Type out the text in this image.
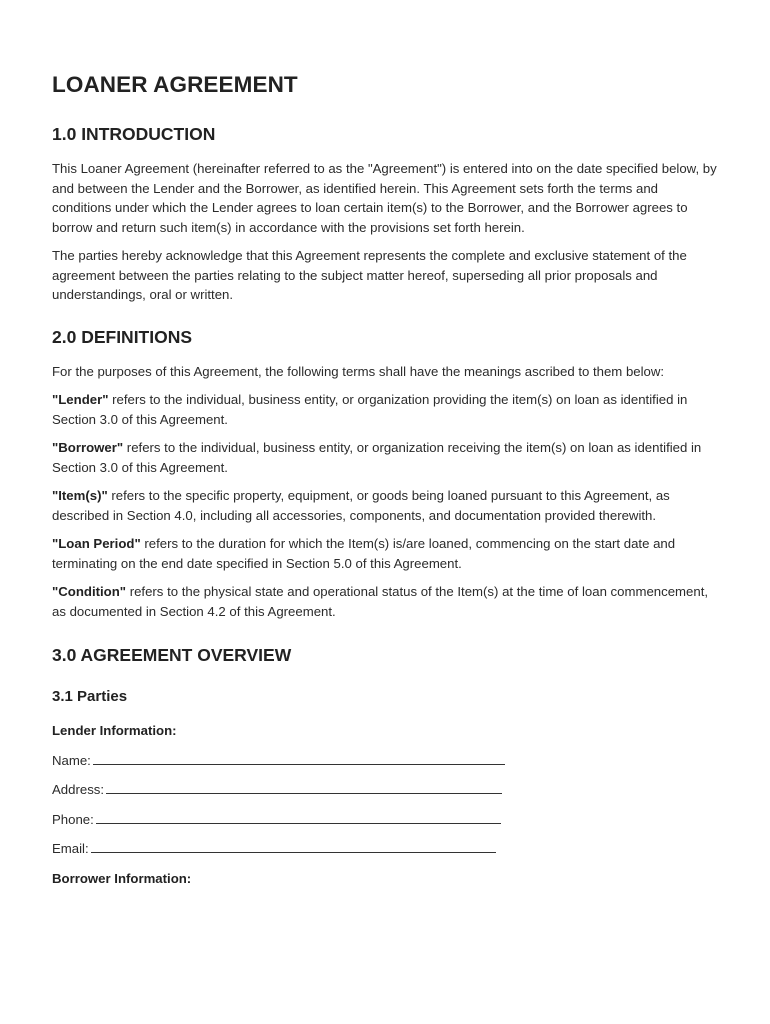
LOANER AGREEMENT
1.0 INTRODUCTION

This Loaner Agreement (hereinafter referred to as the "Agreement") is entered into on the date specified below, by and between the Lender and the Borrower, as identified herein. This Agreement sets forth the terms and conditions under which the Lender agrees to loan certain item(s) to the Borrower, and the Borrower agrees to borrow and return such item(s) in accordance with the provisions set forth herein.

The parties hereby acknowledge that this Agreement represents the complete and exclusive statement of the agreement between the parties relating to the subject matter hereof, superseding all prior proposals and understandings, oral or written.

2.0 DEFINITIONS

For the purposes of this Agreement, the following terms shall have the meanings ascribed to them below:

"Lender" refers to the individual, business entity, or organization providing the item(s) on loan as identified in Section 3.0 of this Agreement.

"Borrower" refers to the individual, business entity, or organization receiving the item(s) on loan as identified in Section 3.0 of this Agreement.

"Item(s)" refers to the specific property, equipment, or goods being loaned pursuant to this Agreement, as described in Section 4.0, including all accessories, components, and documentation provided therewith.

"Loan Period" refers to the duration for which the Item(s) is/are loaned, commencing on the start date and terminating on the end date specified in Section 5.0 of this Agreement.

"Condition" refers to the physical state and operational status of the Item(s) at the time of loan commencement, as documented in Section 4.2 of this Agreement.

3.0 AGREEMENT OVERVIEW
3.1 Parties
Lender Information:
Name:
Address:
Phone:
Email:
Borrower Information:
